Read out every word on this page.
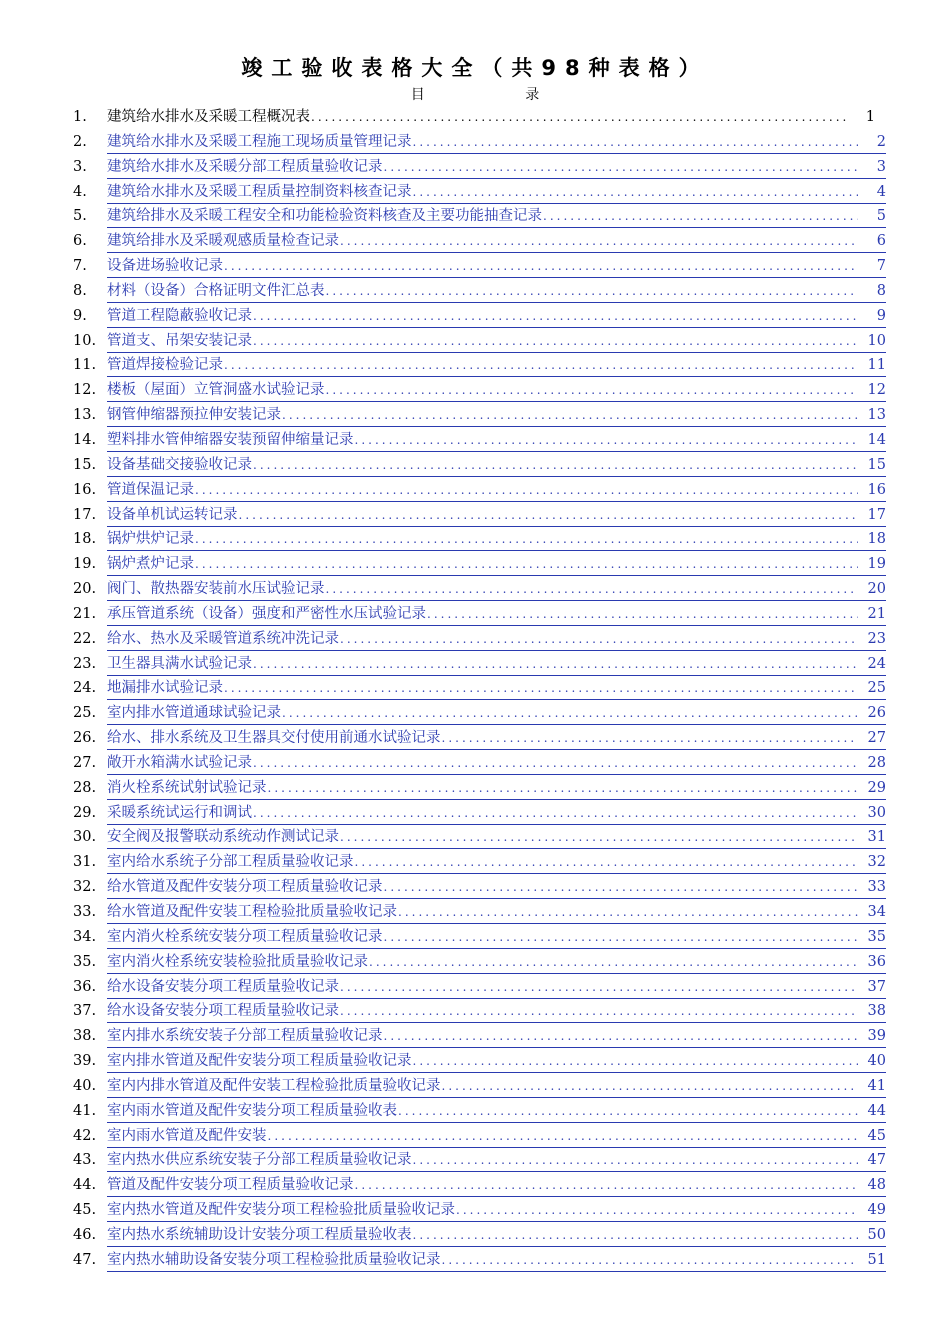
竣工验收表格大全（共98种表格）
目 录
1.	建筑给水排水及采暖工程概况表 .....	1
2.	建筑给水排水及采暖工程施工现场质量管理记录 .....	2
3.	建筑给水排水及采暖分部工程质量验收记录 .....	3
4.	建筑给水排水及采暖工程质量控制资料核查记录 .....	4
5.	建筑给排水及采暖工程安全和功能检验资料核查及主要功能抽查记录 .....	5
6.	建筑给排水及采暖观感质量检查记录 .....	6
7.	设备进场验收记录 .....	7
8.	材料（设备）合格证明文件汇总表 .....	8
9.	管道工程隐蔽验收记录 .....	9
10. 管道支、吊架安装记录 .....	10
11. 管道焊接检验记录 .....	11
12. 楼板（屋面）立管洞盛水试验记录 .....	12
13. 钢管伸缩器预拉伸安装记录 .....	13
14. 塑料排水管伸缩器安装预留伸缩量记录 .....	14
15. 设备基础交接验收记录 .....	15
16. 管道保温记录 .....	16
17. 设备单机试运转记录 .....	17
18. 锅炉烘炉记录 .....	18
19. 锅炉煮炉记录 .....	19
20. 阀门、散热器安装前水压试验记录 .....	20
21. 承压管道系统（设备）强度和严密性水压试验记录 .....	21
22. 给水、热水及采暖管道系统冲洗记录 .....	23
23. 卫生器具满水试验记录 .....	24
24. 地漏排水试验记录 .....	25
25. 室内排水管道通球试验记录 .....	26
26. 给水、排水系统及卫生器具交付使用前通水试验记录 .....	27
27. 敞开水箱满水试验记录 .....	28
28. 消火栓系统试射试验记录 .....	29
29. 采暖系统试运行和调试 .....	30
30. 安全阀及报警联动系统动作测试记录 .....	31
31. 室内给水系统子分部工程质量验收记录 .....	32
32. 给水管道及配件安装分项工程质量验收记录 .....	33
33. 给水管道及配件安装工程检验批质量验收记录 .....	34
34. 室内消火栓系统安装分项工程质量验收记录 .....	35
35. 室内消火栓系统安装检验批质量验收记录 .....	36
36. 给水设备安装分项工程质量验收记录 .....	37
37. 给水设备安装分项工程质量验收记录 .....	38
38. 室内排水系统安装子分部工程质量验收记录 .....	39
39. 室内排水管道及配件安装分项工程质量验收记录 .....	40
40. 室内内排水管道及配件安装工程检验批质量验收记录 .....	41
41. 室内雨水管道及配件安装分项工程质量验收表 .....	44
42. 室内雨水管道及配件安装 .....	45
43. 室内热水供应系统安装子分部工程质量验收记录 .....	47
44. 管道及配件安装分项工程质量验收记录 .....	48
45. 室内热水管道及配件安装分项工程检验批质量验收记录 .....	49
46. 室内热水系统辅助设计安装分项工程质量验收表 .....	50
47. 室内热水辅助设备安装分项工程检验批质量验收记录 .....	51
